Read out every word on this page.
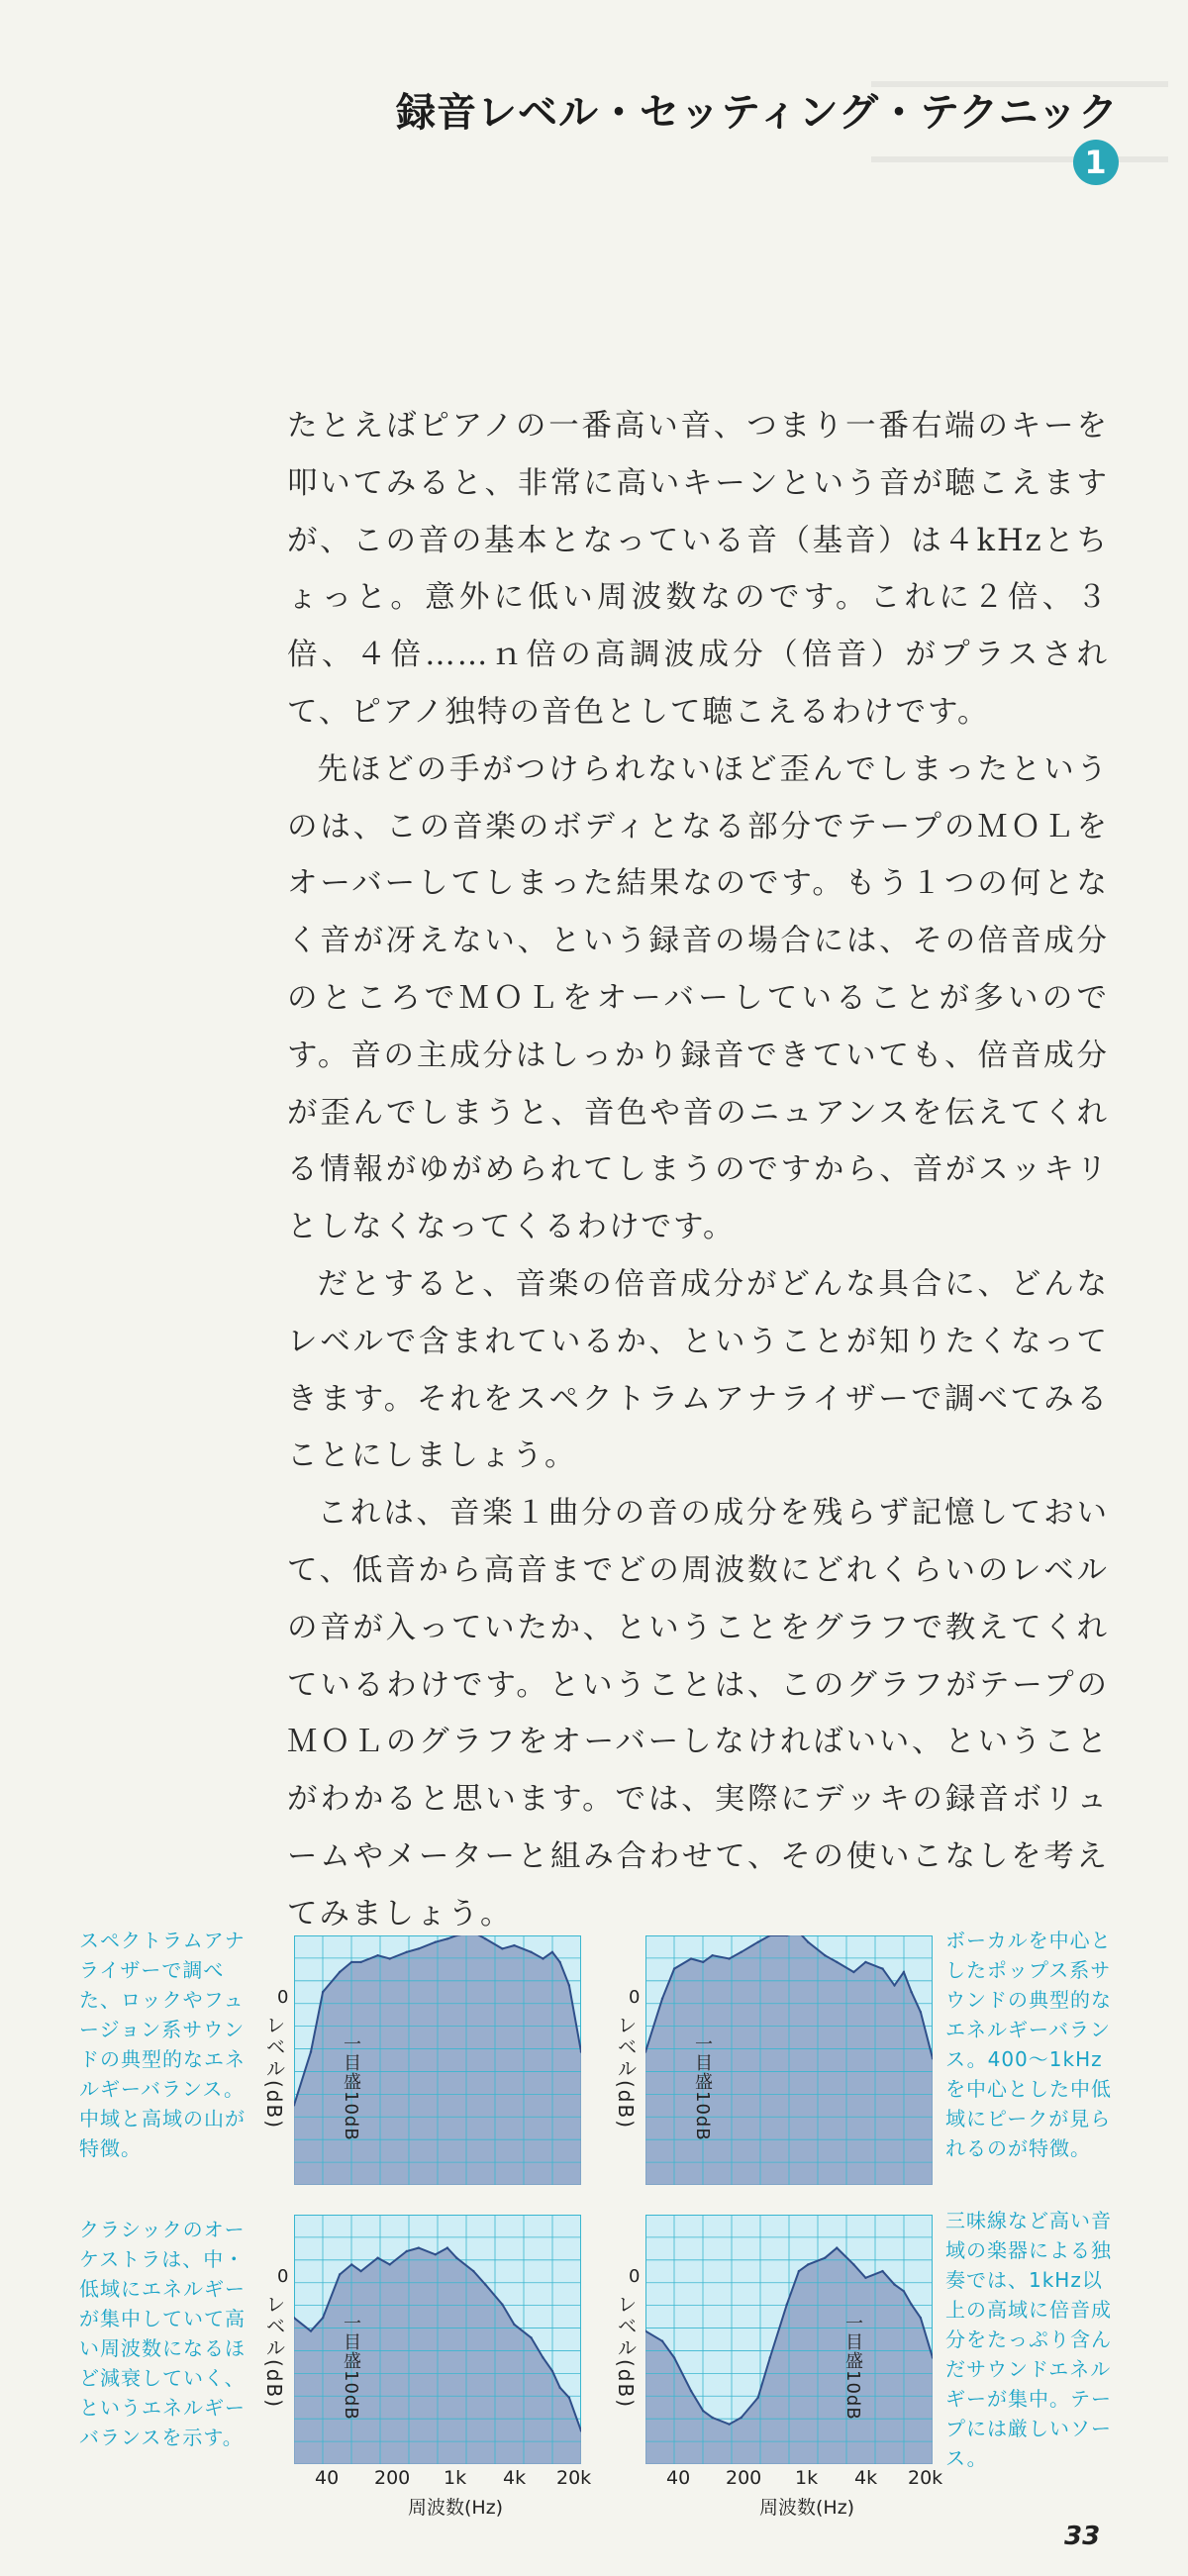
録音レベル・セッティング・テクニック1

たとえばピアノの一番高い音、つまり一番右端のキーを叩いてみると、非常に高いキーンという音が聴こえますが、この音の基本となっている音（基音）は４kHzとちょっと。意外に低い周波数なのです。これに２倍、３倍、４倍……ｎ倍の高調波成分（倍音）がプラスされて、ピアノ独特の音色として聴こえるわけです。

先ほどの手がつけられないほど歪んでしまったというのは、この音楽のボディとなる部分でテープのＭＯＬをオーバーしてしまった結果なのです。もう１つの何となく音が冴えない、という録音の場合には、その倍音成分のところでＭＯＬをオーバーしていることが多いのです。音の主成分はしっかり録音できていても、倍音成分が歪んでしまうと、音色や音のニュアンスを伝えてくれる情報がゆがめられてしまうのですから、音がスッキリとしなくなってくるわけです。

だとすると、音楽の倍音成分がどんな具合に、どんなレベルで含まれているか、ということが知りたくなってきます。それをスペクトラムアナライザーで調べてみることにしましょう。

これは、音楽１曲分の音の成分を残らず記憶しておいて、低音から高音までどの周波数にどれくらいのレベルの音が入っていたか、ということをグラフで教えてくれているわけです。ということは、このグラフがテープのＭＯＬのグラフをオーバーしなければいい、ということがわかると思います。では、実際にデッキの録音ボリュームやメーターと組み合わせて、その使いこなしを考えてみましょう。

スペクトラムアナライザーで調べた、ロックやフュージョン系サウンドの典型的なエネルギーバランス。中域と高域の山が特徴。
クラシックのオーケストラは、中・低域にエネルギーが集中していて高い周波数になるほど減衰していく、というエネルギーバランスを示す。
ボーカルを中心としたポップス系サウンドの典型的なエネルギーバランス。400～1kHzを中心とした中低域にピークが見られるのが特徴。
三味線など高い音域の楽器による独奏では、1kHz以上の高域に倍音成分をたっぷり含んだサウンドエネルギーが集中。テープには厳しいソース。
0
レベル(dB)
0
レベル(dB)
0
レベル(dB)
0
レベル(dB)
一目盛10dB	一目盛10dB
一目盛10dB	一目盛10dB
40 200 1k 4k 20k
周波数(Hz)
40 200 1k 4k 20k
周波数(Hz)
33
